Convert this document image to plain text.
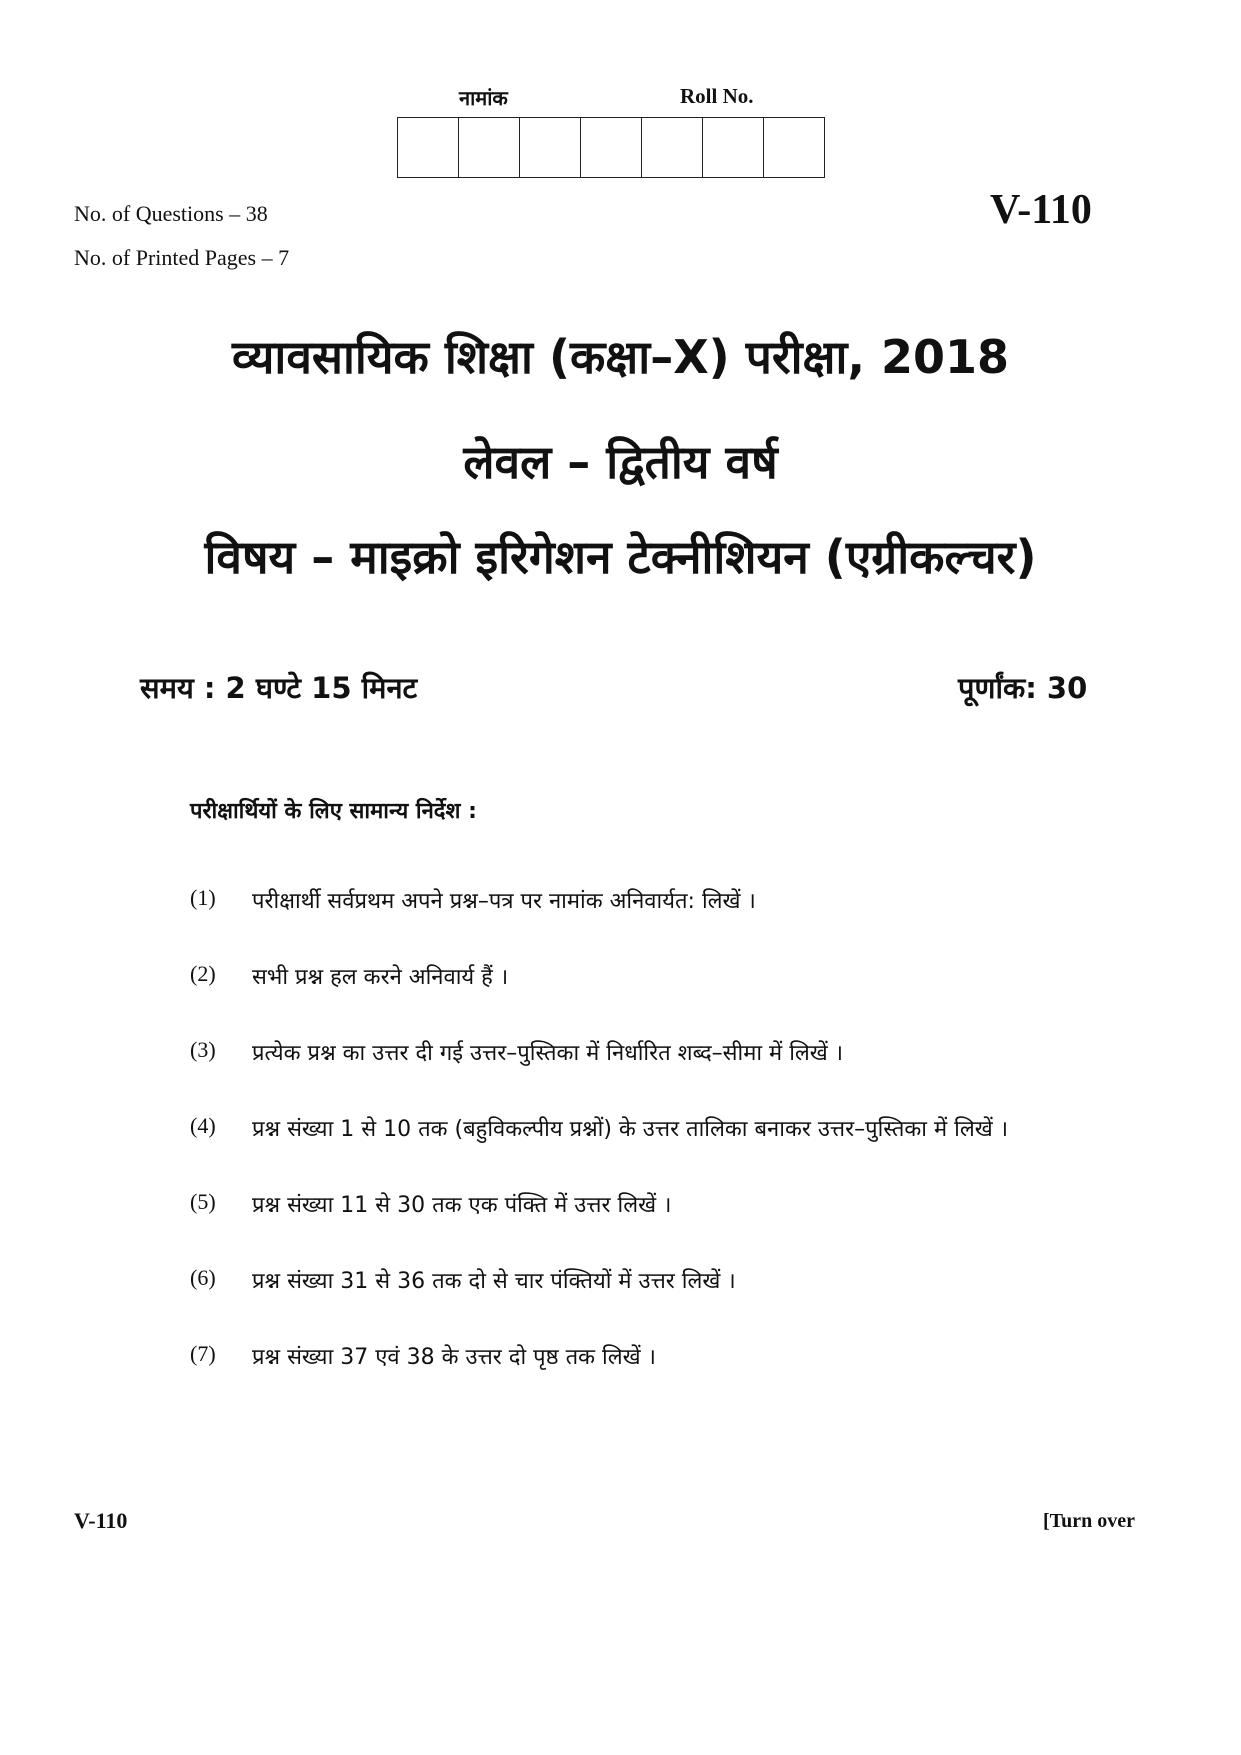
नामांक	Roll No.
No. of Questions – 38
No. of Printed Pages – 7
V-110
व्यावसायिक शिक्षा (कक्षा–X) परीक्षा, 2018
लेवल – द्वितीय वर्ष
विषय – माइक्रो इरिगेशन टेक्नीशियन (एग्रीकल्चर)
समय : 2 घण्टे 15 मिनट	पूर्णांक: 30
परीक्षार्थियों के लिए सामान्य निर्देश :
(1)	परीक्षार्थी सर्वप्रथम अपने प्रश्न–पत्र पर नामांक अनिवार्यत: लिखें ।
(2)	सभी प्रश्न हल करने अनिवार्य हैं ।
(3)	प्रत्येक प्रश्न का उत्तर दी गई उत्तर–पुस्तिका में निर्धारित शब्द–सीमा में लिखें ।
(4)	प्रश्न संख्या 1 से 10 तक (बहुविकल्पीय प्रश्नों) के उत्तर तालिका बनाकर उत्तर–पुस्तिका में लिखें ।
(5)	प्रश्न संख्या 11 से 30 तक एक पंक्ति में उत्तर लिखें ।
(6)	प्रश्न संख्या 31 से 36 तक दो से चार पंक्तियों में उत्तर लिखें ।
(7)	प्रश्न संख्या 37 एवं 38 के उत्तर दो पृष्ठ तक लिखें ।
V-110	[Turn over
